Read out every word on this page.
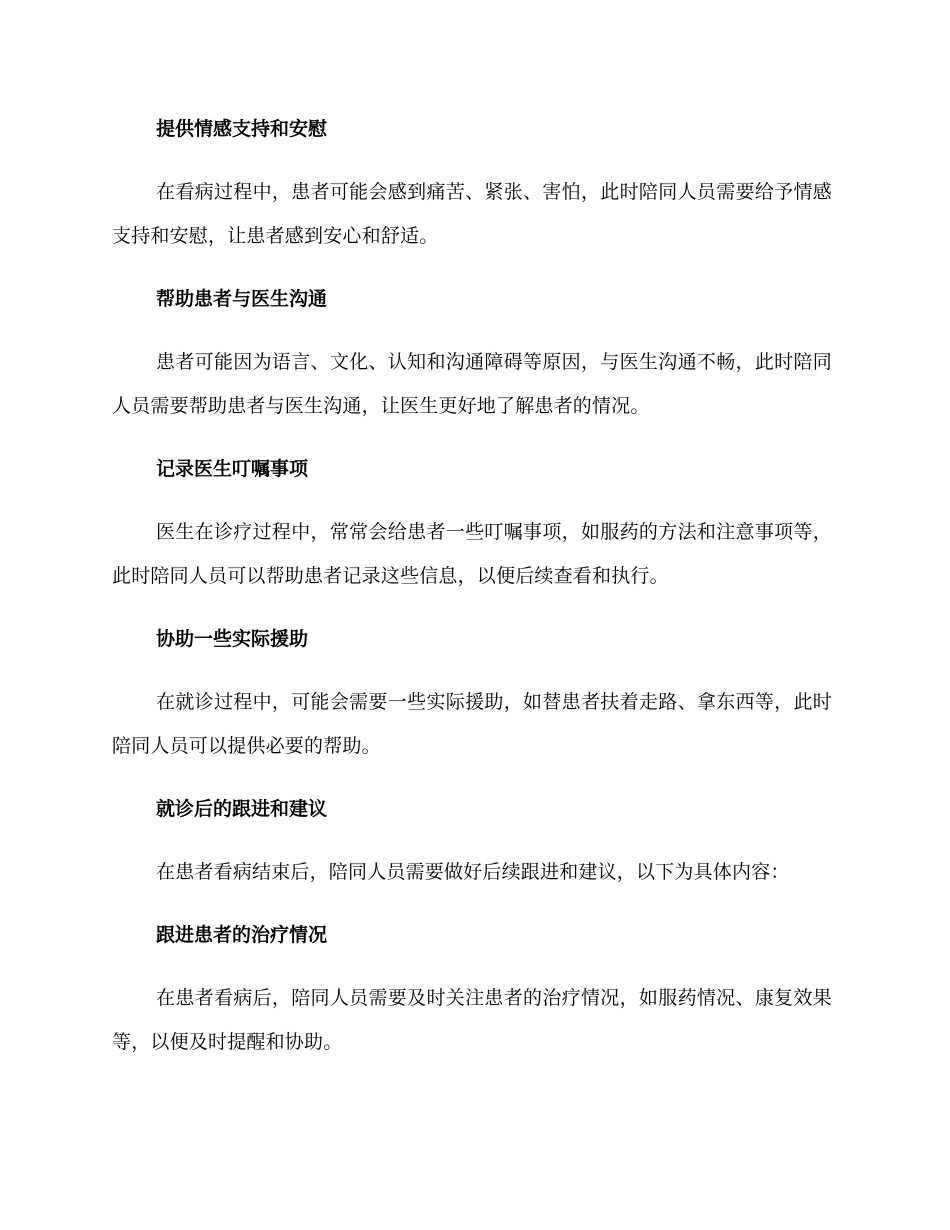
提供情感支持和安慰

在看病过程中，患者可能会感到痛苦、紧张、害怕，此时陪同人员需要给予情感支持和安慰，让患者感到安心和舒适。

帮助患者与医生沟通

患者可能因为语言、文化、认知和沟通障碍等原因，与医生沟通不畅，此时陪同人员需要帮助患者与医生沟通，让医生更好地了解患者的情况。

记录医生叮嘱事项

医生在诊疗过程中，常常会给患者一些叮嘱事项，如服药的方法和注意事项等，此时陪同人员可以帮助患者记录这些信息，以便后续查看和执行。

协助一些实际援助

在就诊过程中，可能会需要一些实际援助，如替患者扶着走路、拿东西等，此时陪同人员可以提供必要的帮助。

就诊后的跟进和建议

在患者看病结束后，陪同人员需要做好后续跟进和建议，以下为具体内容：

跟进患者的治疗情况

在患者看病后，陪同人员需要及时关注患者的治疗情况，如服药情况、康复效果等，以便及时提醒和协助。
